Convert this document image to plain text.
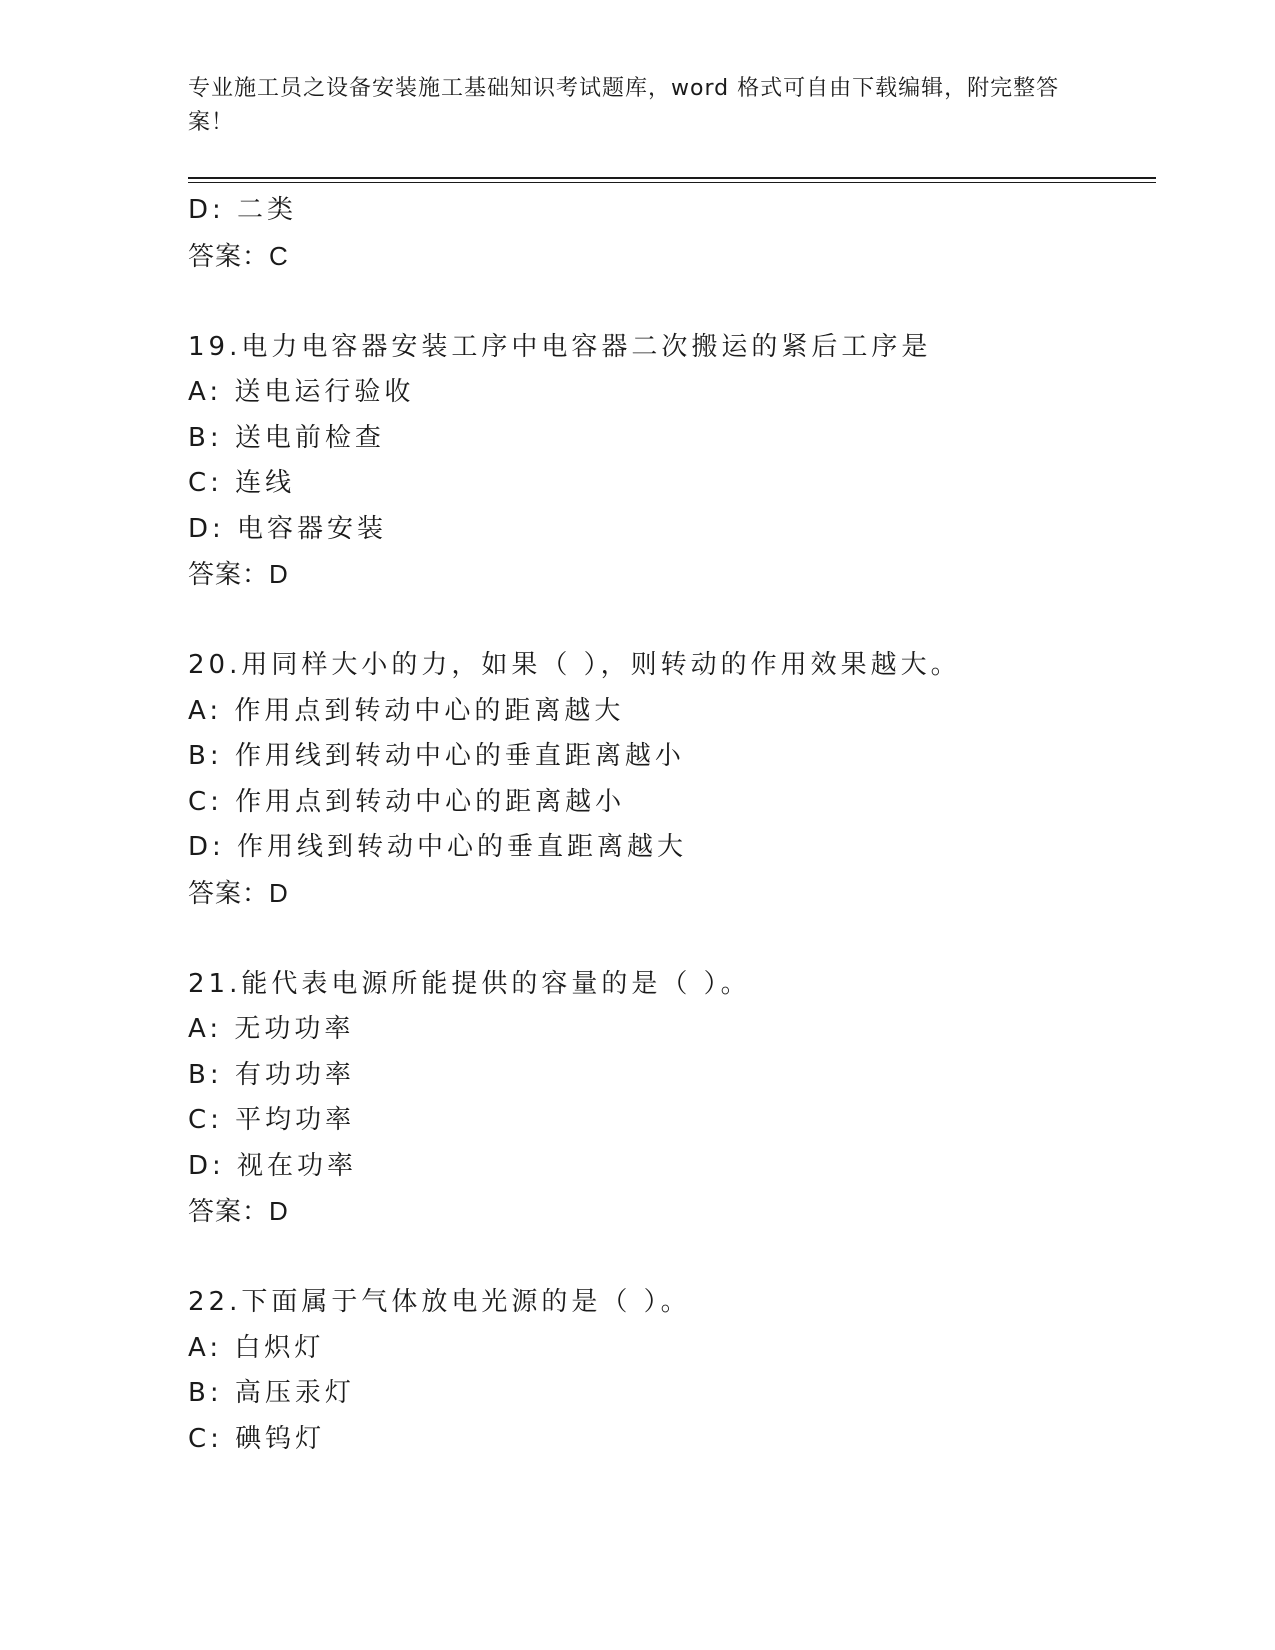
专业施工员之设备安装施工基础知识考试题库，word 格式可自由下载编辑，附完整答案！
D: 二类
答案：C
19.电力电容器安装工序中电容器二次搬运的紧后工序是
A: 送电运行验收
B: 送电前检查
C: 连线
D: 电容器安装
答案：D
20.用同样大小的力，如果（ ），则转动的作用效果越大。
A: 作用点到转动中心的距离越大
B: 作用线到转动中心的垂直距离越小
C: 作用点到转动中心的距离越小
D: 作用线到转动中心的垂直距离越大
答案：D
21.能代表电源所能提供的容量的是（ ）。
A: 无功功率
B: 有功功率
C: 平均功率
D: 视在功率
答案：D
22.下面属于气体放电光源的是（ ）。
A: 白炽灯
B: 高压汞灯
C: 碘钨灯
